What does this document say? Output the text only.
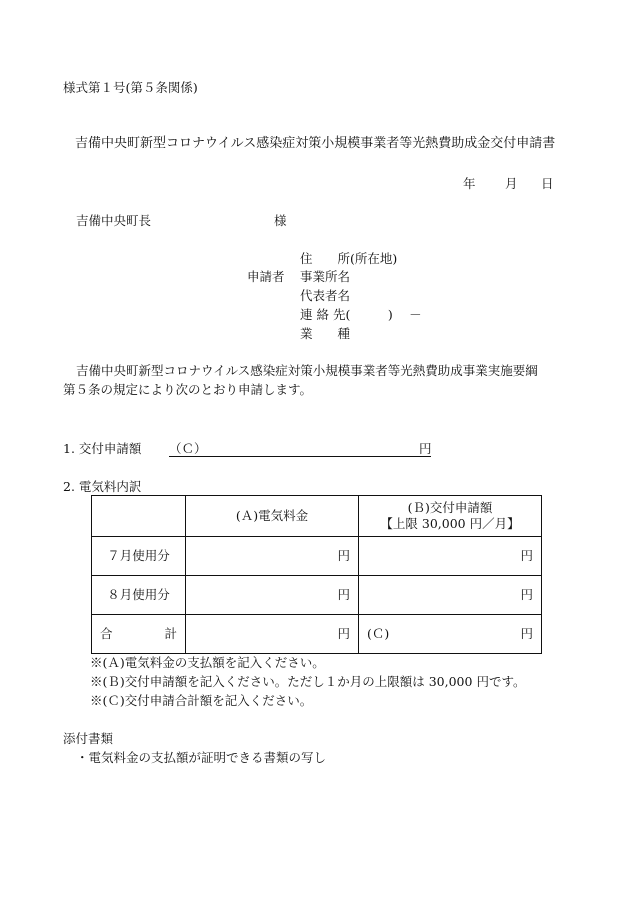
様式第１号(第５条関係)
吉備中央町新型コロナウイルス感染症対策小規模事業者等光熱費助成金交付申請書
年 月 日
吉備中央町長	様
申請者
住　　所(所在地)
事業所名
代表者名
連 絡 先(　　　)　 －
業　　種
吉備中央町新型コロナウイルス感染症対策小規模事業者等光熱費助成事業実施要綱
第５条の規定により次のとおり申請します。
1. 交付申請額 （Ｃ）	円
2. 電気料内訳
	(Ａ)電気料金	(Ｂ)交付申請額
【上限 30,000 円／月】

７月使用分	円	円
８月使用分	円	円

合 計	円	(Ｃ) 円
※(Ａ)電気料金の支払額を記入ください。
※(Ｂ)交付申請額を記入ください。ただし１か月の上限額は 30,000 円です。
※(Ｃ)交付申請合計額を記入ください。
添付書類
・電気料金の支払額が証明できる書類の写し
